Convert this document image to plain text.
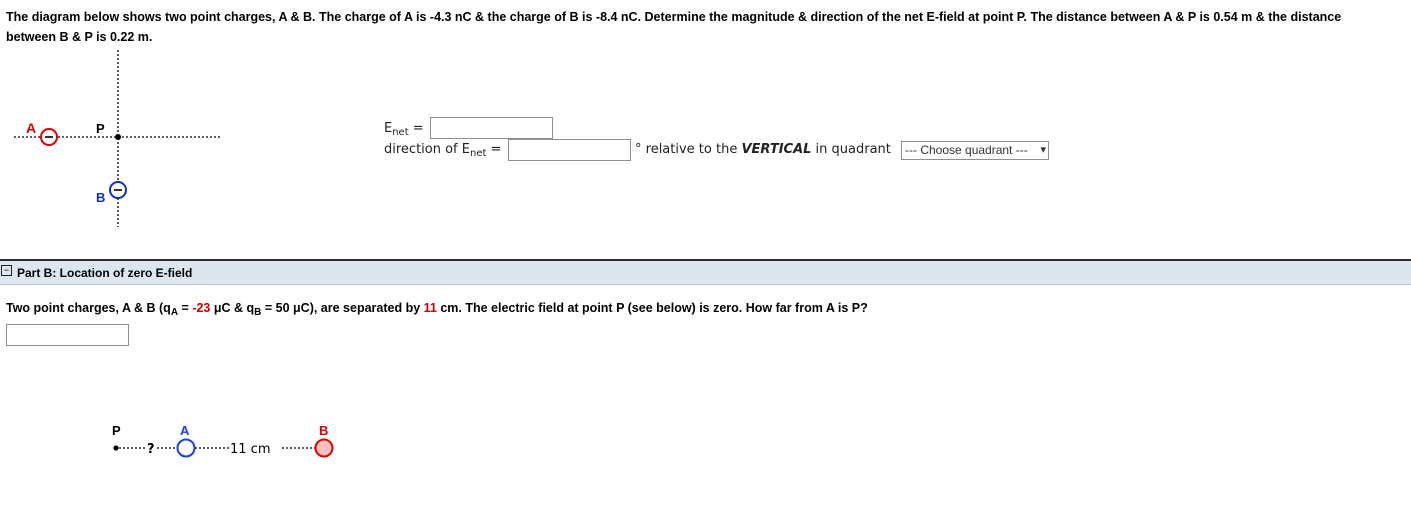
The diagram below shows two point charges, A & B. The charge of A is -4.3 nC & the charge of B is -8.4 nC. Determine the magnitude & direction of the net E-field at point P. The distance between A & P is 0.54 m & the distance
between B & P is 0.22 m.
P
A
B
$E_{net}$ =
direction of $E_{net}$ =	° relative to the VERTICAL in quadrant	--- Choose quadrant --- ▾
− Part B: Location of zero E-field
Two point charges, A & B ($q_A = -23$ μC & $q_B = 50$ μC), are separated by 11 cm. The electric field at point P (see below) is zero. How far from A is P?
P	A	B
?	11 cm
